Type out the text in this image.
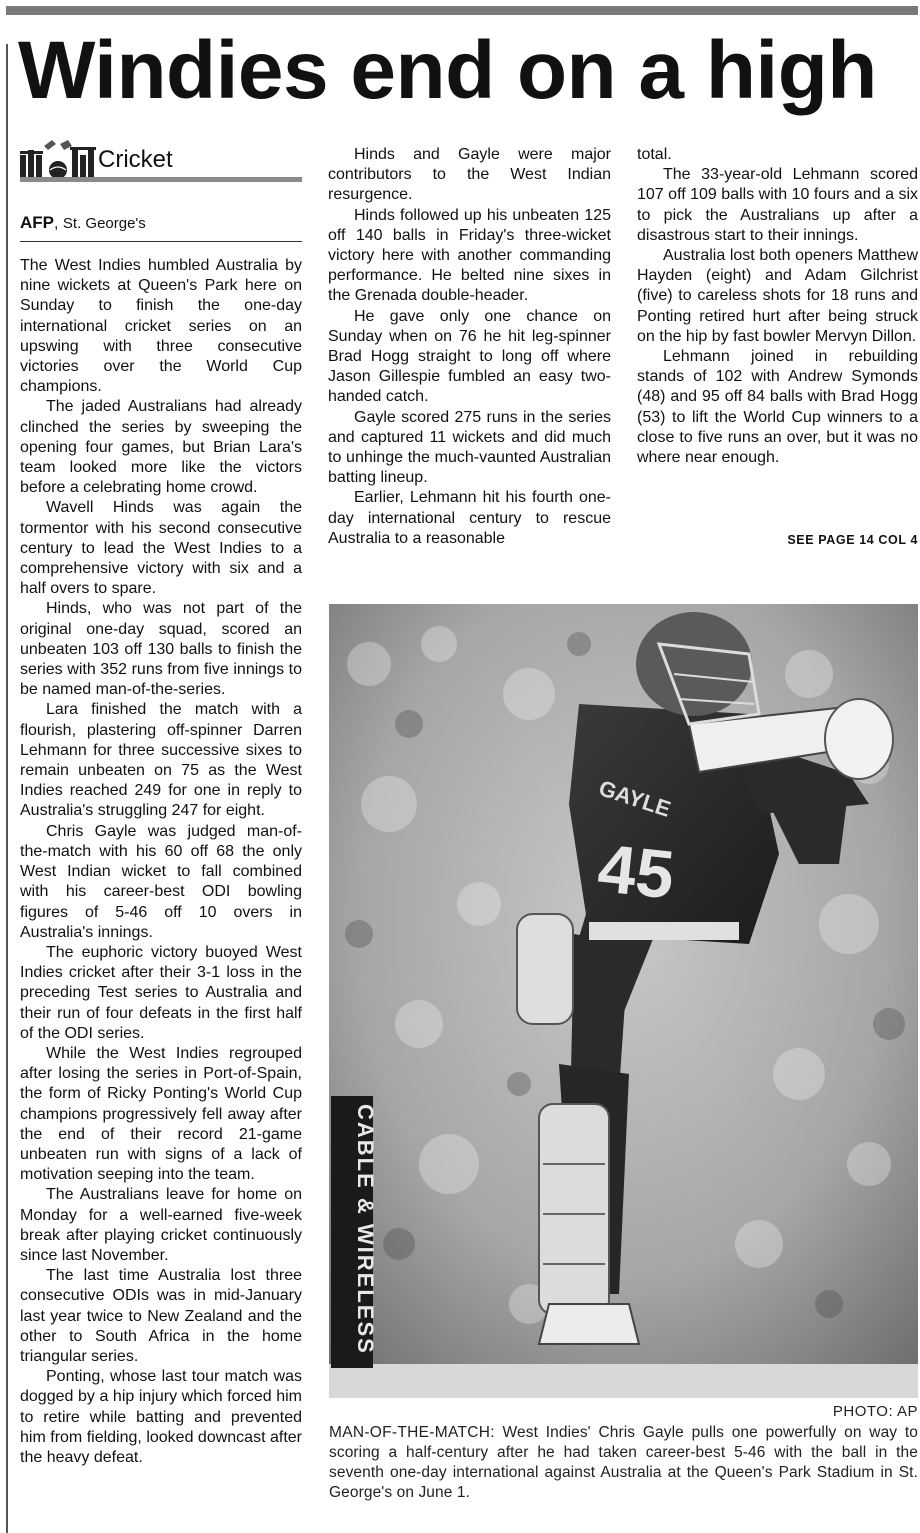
Windies end on a high
Cricket
AFP, St. George's

The West Indies humbled Australia by nine wickets at Queen's Park here on Sunday to finish the one-day international cricket series on an upswing with three consecutive victories over the World Cup champions.

The jaded Australians had already clinched the series by sweeping the opening four games, but Brian Lara's team looked more like the victors before a celebrating home crowd.

Wavell Hinds was again the tormentor with his second consecutive century to lead the West Indies to a comprehensive victory with six and a half overs to spare.

Hinds, who was not part of the original one-day squad, scored an unbeaten 103 off 130 balls to finish the series with 352 runs from five innings to be named man-of-the-series.

Lara finished the match with a flourish, plastering off-spinner Darren Lehmann for three successive sixes to remain unbeaten on 75 as the West Indies reached 249 for one in reply to Australia's struggling 247 for eight.

Chris Gayle was judged man-of-the-match with his 60 off 68 the only West Indian wicket to fall combined with his career-best ODI bowling figures of 5-46 off 10 overs in Australia's innings.

The euphoric victory buoyed West Indies cricket after their 3-1 loss in the preceding Test series to Australia and their run of four defeats in the first half of the ODI series.

While the West Indies regrouped after losing the series in Port-of-Spain, the form of Ricky Ponting's World Cup champions progressively fell away after the end of their record 21-game unbeaten run with signs of a lack of motivation seeping into the team.

The Australians leave for home on Monday for a well-earned five-week break after playing cricket continuously since last November.

The last time Australia lost three consecutive ODIs was in mid-January last year twice to New Zealand and the other to South Africa in the home triangular series.

Ponting, whose last tour match was dogged by a hip injury which forced him to retire while batting and prevented him from fielding, looked downcast after the heavy defeat.

Hinds and Gayle were major contributors to the West Indian resurgence.

Hinds followed up his unbeaten 125 off 140 balls in Friday's three-wicket victory here with another commanding performance. He belted nine sixes in the Grenada double-header.

He gave only one chance on Sunday when on 76 he hit leg-spinner Brad Hogg straight to long off where Jason Gillespie fumbled an easy two-handed catch.

Gayle scored 275 runs in the series and captured 11 wickets and did much to unhinge the much-vaunted Australian batting lineup.

Earlier, Lehmann hit his fourth one-day international century to rescue Australia to a reasonable

total.

The 33-year-old Lehmann scored 107 off 109 balls with 10 fours and a six to pick the Australians up after a disastrous start to their innings.

Australia lost both openers Matthew Hayden (eight) and Adam Gilchrist (five) to careless shots for 18 runs and Ponting retired hurt after being struck on the hip by fast bowler Mervyn Dillon.

Lehmann joined in rebuilding stands of 102 with Andrew Symonds (48) and 95 off 84 balls with Brad Hogg (53) to lift the World Cup winners to a close to five runs an over, but it was no where near enough.

SEE PAGE 14 COL 4
CABLE & WIRELESS
GAYLE
45
PHOTO: AP
MAN-OF-THE-MATCH: West Indies' Chris Gayle pulls one powerfully on way to scoring a half-century after he had taken career-best 5-46 with the ball in the seventh one-day international against Australia at the Queen's Park Stadium in St. George's on June 1.
